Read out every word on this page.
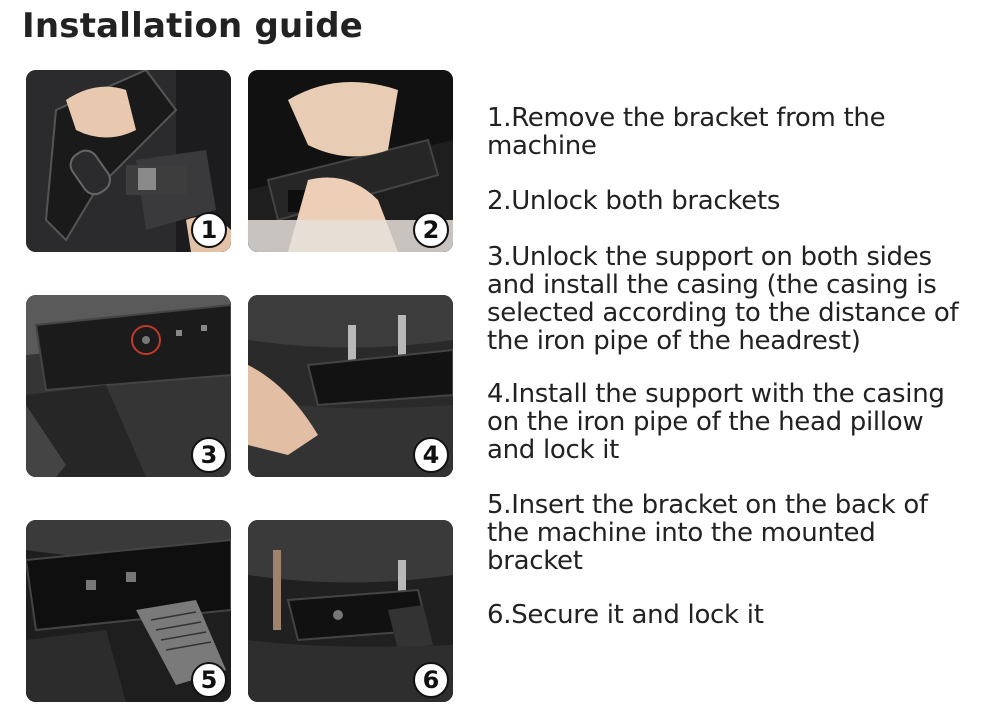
Installation guide
1	2
3	4
5	6
1.Remove the bracket from the machine
2.Unlock both brackets
3.Unlock the support on both sides and install the casing (the casing is selected according to the distance of the iron pipe of the headrest)
4.Install the support with the casing on the iron pipe of the head pillow and lock it
5.Insert the bracket on the back of the machine into the mounted bracket
6.Secure it and lock it
